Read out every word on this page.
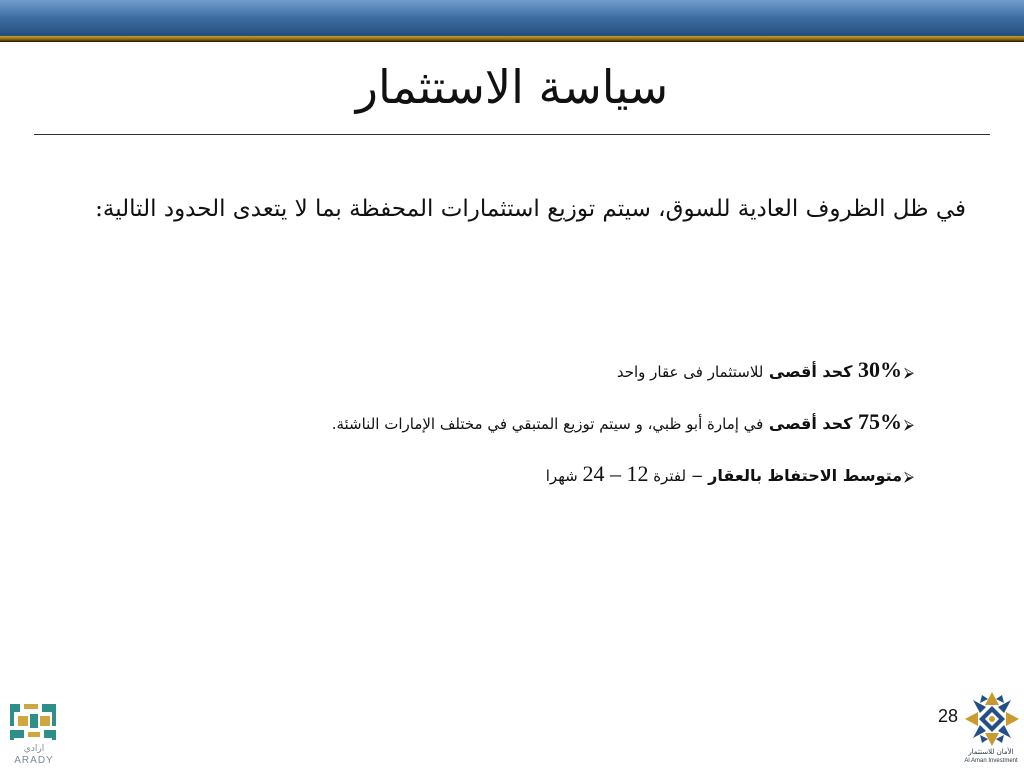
سياسة الاستثمار
في ظل الظروف العادية للسوق، سيتم توزيع استثمارات المحفظة بما لا يتعدى الحدود التالية:
⮚30% كحد أقصى للاستثمار فى عقار واحد
⮚75% كحد أقصى في إمارة أبو ظبي، و سيتم توزيع المتبقي في مختلف الإمارات الناشئة.
⮚متوسط الاحتفاظ بالعقار − لفترة 12 – 24 شهرا
28
ارادي
ARADY
الأمان للاستثمار
Al Aman Investment
